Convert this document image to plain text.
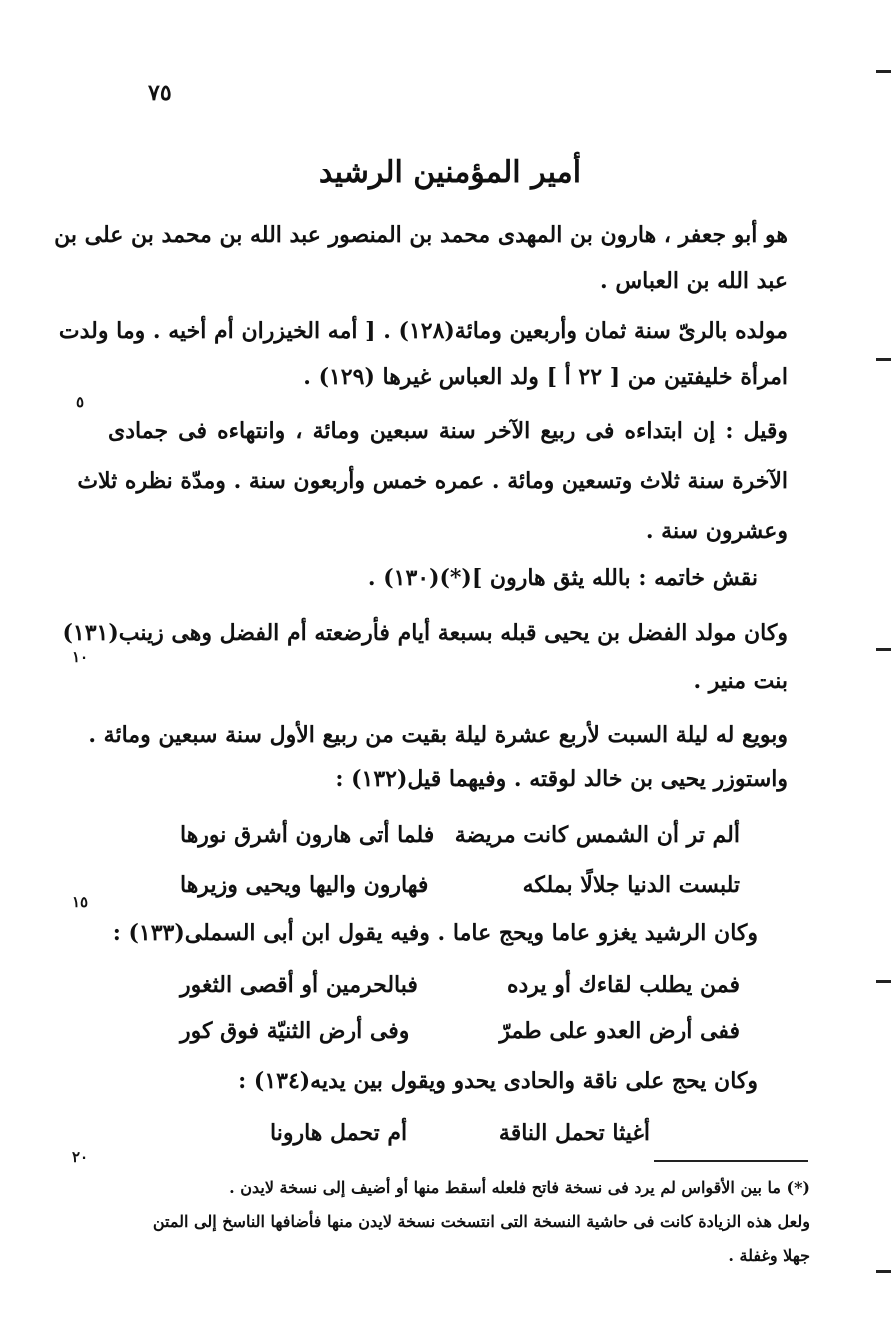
٧٥
أمير المؤمنين الرشيد
هو أبو جعفر ، هارون بن المهدى محمد بن المنصور عبد الله بن محمد بن على بن
عبد الله بن العباس .
مولده بالرىّ سنة ثمان وأربعين ومائة(١٢٨) . [ أمه الخيزران أم أخيه . وما ولدت
امرأة خليفتين من [ ٢٢ أ ] ولد العباس غيرها (١٢٩) .
وقيل : إن ابتداءه فى ربيع الآخر سنة سبعين ومائة ، وانتهاءه فى جمادى
الآخرة سنة ثلاث وتسعين ومائة . عمره خمس وأربعون سنة . ومدّة نظره ثلاث
وعشرون سنة .
نقش خاتمه : بالله يثق هارون ](*)(١٣٠) .
وكان مولد الفضل بن يحيى قبله بسبعة أيام فأرضعته أم الفضل وهى زينب(١٣١)
بنت منير .
وبويع له ليلة السبت لأربع عشرة ليلة بقيت من ربيع الأول سنة سبعين ومائة .
واستوزر يحيى بن خالد لوقته . وفيهما قيل(١٣٢) :
ألم تر أن الشمس كانت مريضة
فلما أتى هارون أشرق نورها
تلبست الدنيا جلالًا بملكه
فهارون واليها ويحيى وزيرها
وكان الرشيد يغزو عاما ويحج عاما . وفيه يقول ابن أبى السملى(١٣٣) :
فمن يطلب لقاءك أو يرده
فبالحرمين أو أقصى الثغور
ففى أرض العدو على طمرّ
وفى أرض الثنيّة فوق كور
وكان يحج على ناقة والحادى يحدو ويقول بين يديه(١٣٤) :
أغيثا تحمل الناقة
أم تحمل هارونا
٥
١٠
١٥
٢٠
(*) ما بين الأقواس لم يرد فى نسخة فاتح فلعله أسقط منها أو أضيف إلى نسخة لايدن .
ولعل هذه الزيادة كانت فى حاشية النسخة التى انتسخت نسخة لايدن منها فأضافها الناسخ إلى المتن
جهلا وغفلة .
